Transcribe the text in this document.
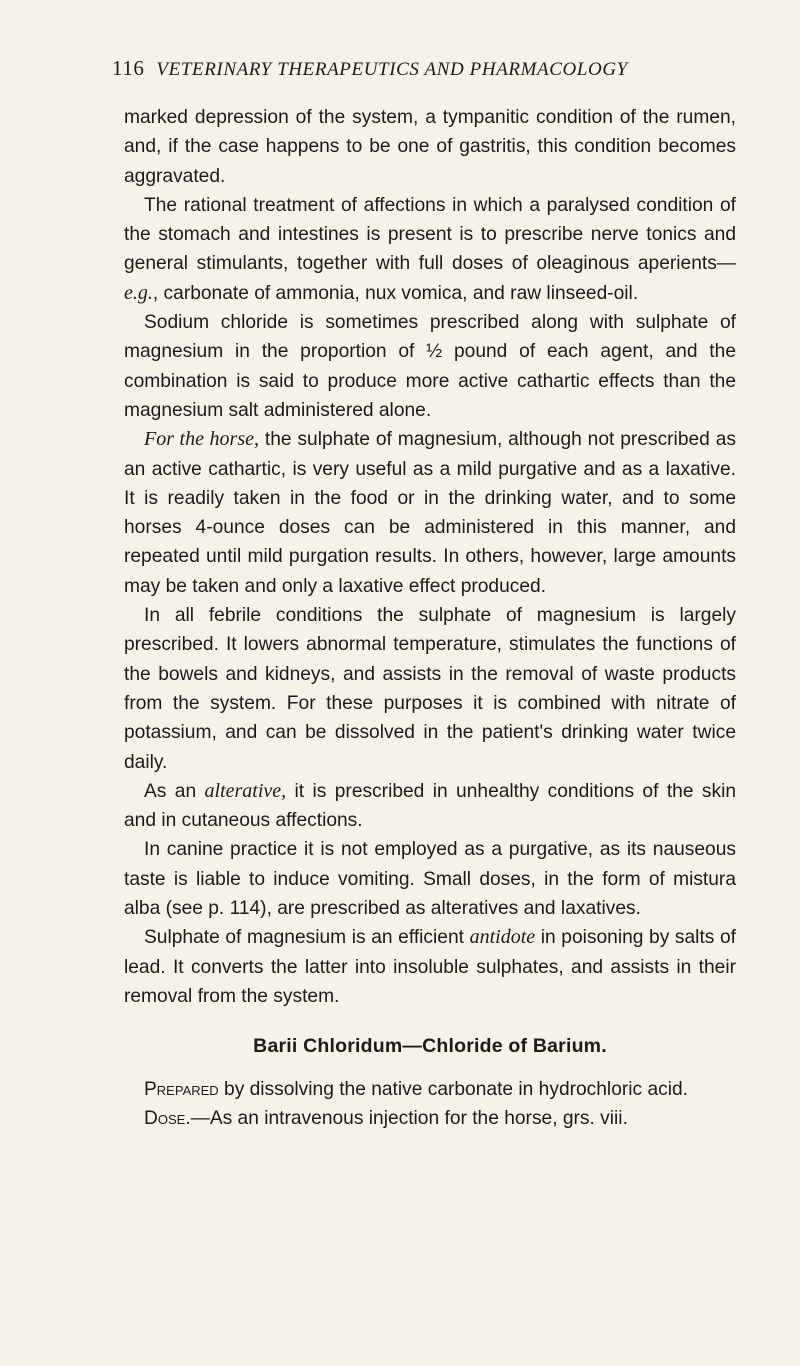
116 VETERINARY THERAPEUTICS AND PHARMACOLOGY

marked depression of the system, a tympanitic condition of the rumen, and, if the case happens to be one of gastritis, this condition becomes aggravated.

The rational treatment of affections in which a paralysed condition of the stomach and intestines is present is to prescribe nerve tonics and general stimulants, together with full doses of oleaginous aperients—e.g., carbonate of ammonia, nux vomica, and raw linseed-oil.

Sodium chloride is sometimes prescribed along with sulphate of magnesium in the proportion of ½ pound of each agent, and the combination is said to produce more active cathartic effects than the magnesium salt administered alone.

For the horse, the sulphate of magnesium, although not prescribed as an active cathartic, is very useful as a mild purgative and as a laxative. It is readily taken in the food or in the drinking water, and to some horses 4-ounce doses can be administered in this manner, and repeated until mild purgation results. In others, however, large amounts may be taken and only a laxative effect produced.

In all febrile conditions the sulphate of magnesium is largely prescribed. It lowers abnormal temperature, stimulates the functions of the bowels and kidneys, and assists in the removal of waste products from the system. For these purposes it is combined with nitrate of potassium, and can be dissolved in the patient's drinking water twice daily.

As an alterative, it is prescribed in unhealthy conditions of the skin and in cutaneous affections.

In canine practice it is not employed as a purgative, as its nauseous taste is liable to induce vomiting. Small doses, in the form of mistura alba (see p. 114), are prescribed as alteratives and laxatives.

Sulphate of magnesium is an efficient antidote in poisoning by salts of lead. It converts the latter into insoluble sulphates, and assists in their removal from the system.

Barii Chloridum—Chloride of Barium.

Prepared by dissolving the native carbonate in hydrochloric acid.

Dose.—As an intravenous injection for the horse, grs. viii.
